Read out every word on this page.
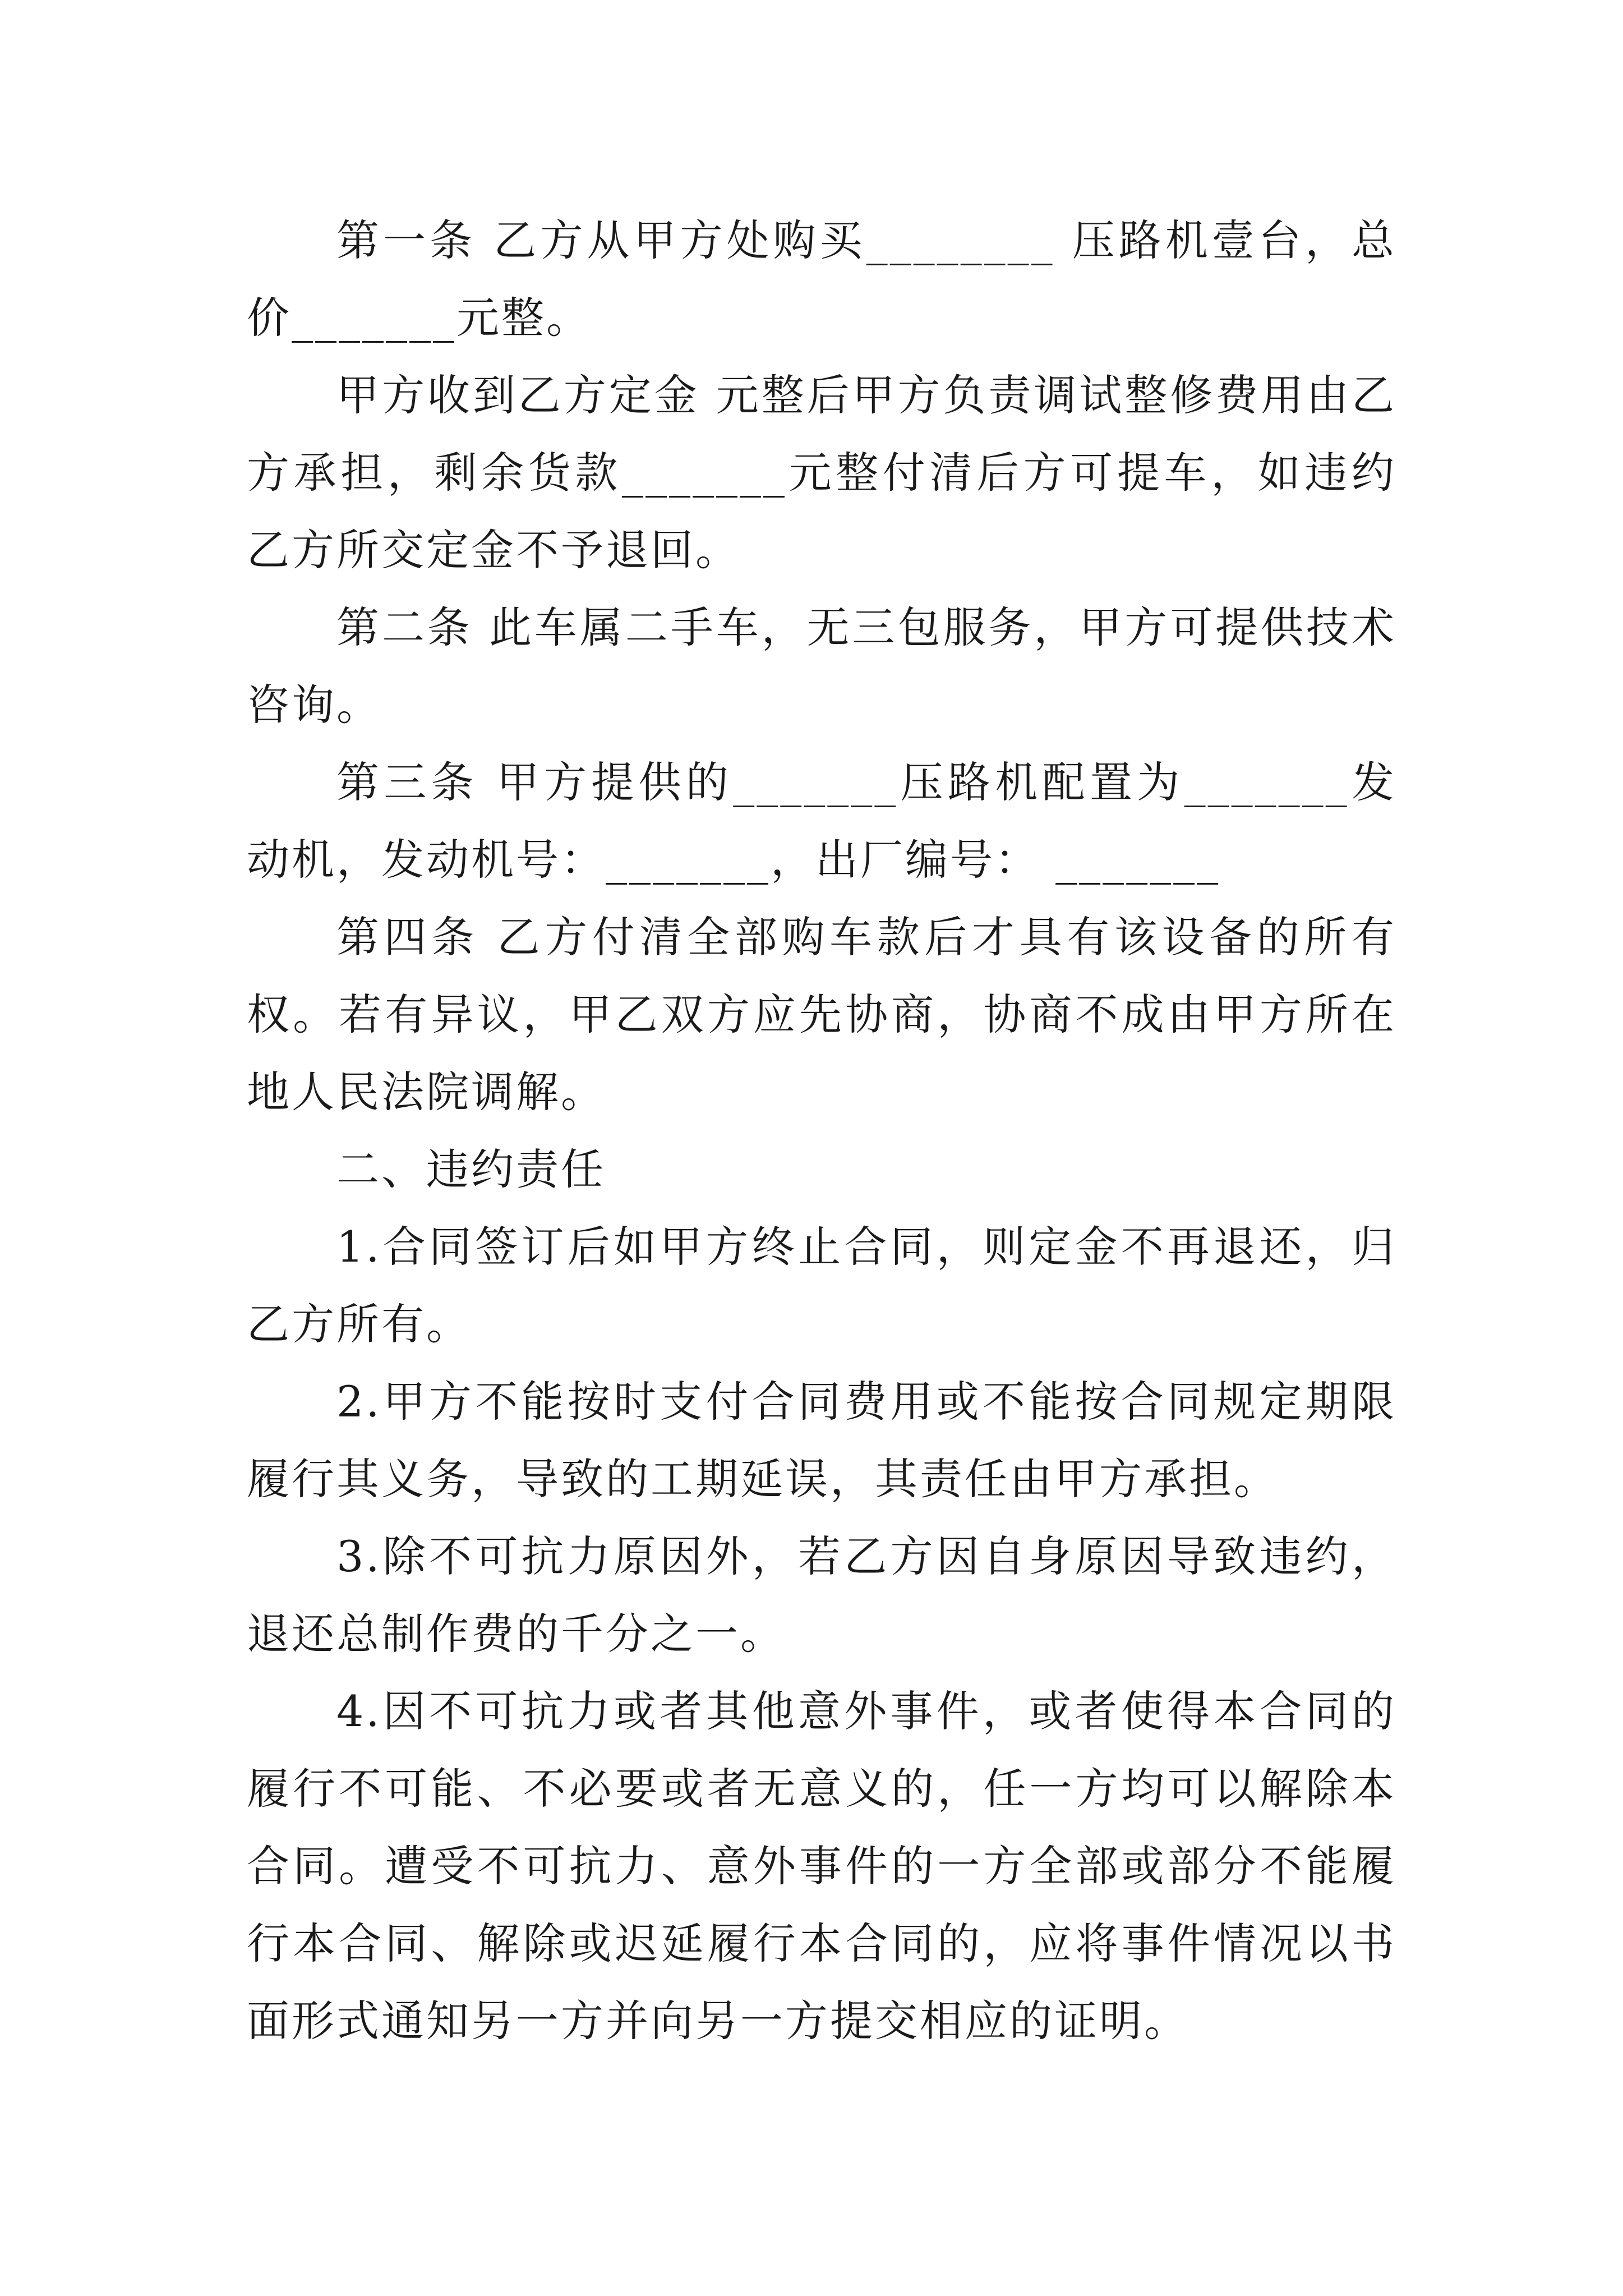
第一条 乙方从甲方处购买________ 压路机壹台，总价_______元整。

甲方收到乙方定金 元整后甲方负责调试整修费用由乙方承担，剩余货款_______元整付清后方可提车，如违约乙方所交定金不予退回。

第二条 此车属二手车，无三包服务，甲方可提供技术咨询。

第三条 甲方提供的_______压路机配置为_______发动机，发动机号：_______，出厂编号： _______

第四条 乙方付清全部购车款后才具有该设备的所有权。若有异议，甲乙双方应先协商，协商不成由甲方所在地人民法院调解。

二、违约责任

1.合同签订后如甲方终止合同，则定金不再退还，归乙方所有。

2.甲方不能按时支付合同费用或不能按合同规定期限履行其义务，导致的工期延误，其责任由甲方承担。

3.除不可抗力原因外，若乙方因自身原因导致违约，退还总制作费的千分之一。

4.因不可抗力或者其他意外事件，或者使得本合同的履行不可能、不必要或者无意义的，任一方均可以解除本合同。遭受不可抗力、意外事件的一方全部或部分不能履行本合同、解除或迟延履行本合同的，应将事件情况以书面形式通知另一方并向另一方提交相应的证明。
